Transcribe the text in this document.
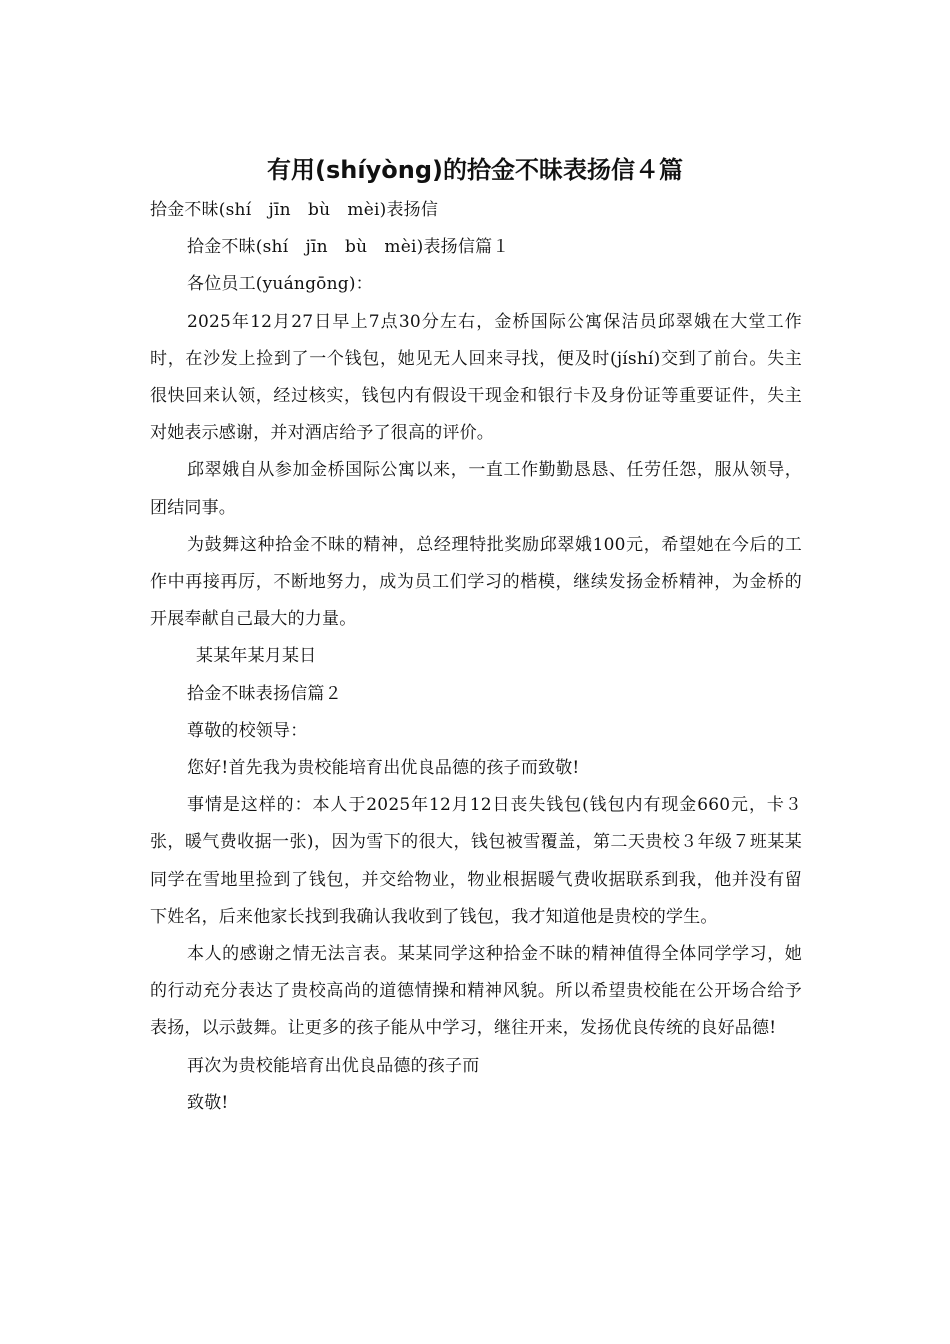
有用(shíyòng)的拾金不昧表扬信４篇

拾金不昧(shí　jīn　bù　mèi)表扬信

拾金不昧(shí　jīn　bù　mèi)表扬信篇１

各位员工(yuángōng)：

2025年12月27日早上7点30分左右，金桥国际公寓保洁员邱翠娥在大堂工作时，在沙发上捡到了一个钱包，她见无人回来寻找，便及时(jíshí)交到了前台。失主很快回来认领，经过核实，钱包内有假设干现金和银行卡及身份证等重要证件，失主对她表示感谢，并对酒店给予了很高的评价。

邱翠娥自从参加金桥国际公寓以来，一直工作勤勤恳恳、任劳任怨，服从领导，团结同事。

为鼓舞这种拾金不昧的精神，总经理特批奖励邱翠娥100元，希望她在今后的工作中再接再厉，不断地努力，成为员工们学习的楷模，继续发扬金桥精神，为金桥的开展奉献自己最大的力量。

某某年某月某日

拾金不昧表扬信篇２

尊敬的校领导：

您好!首先我为贵校能培育出优良品德的孩子而致敬!

事情是这样的：本人于2025年12月12日丧失钱包(钱包内有现金660元，卡３张，暖气费收据一张)，因为雪下的很大，钱包被雪覆盖，第二天贵校３年级７班某某同学在雪地里捡到了钱包，并交给物业，物业根据暖气费收据联系到我，他并没有留下姓名，后来他家长找到我确认我收到了钱包，我才知道他是贵校的学生。

本人的感谢之情无法言表。某某同学这种拾金不昧的精神值得全体同学学习，她的行动充分表达了贵校高尚的道德情操和精神风貌。所以希望贵校能在公开场合给予表扬，以示鼓舞。让更多的孩子能从中学习，继往开来，发扬优良传统的良好品德!

再次为贵校能培育出优良品德的孩子而

致敬!
